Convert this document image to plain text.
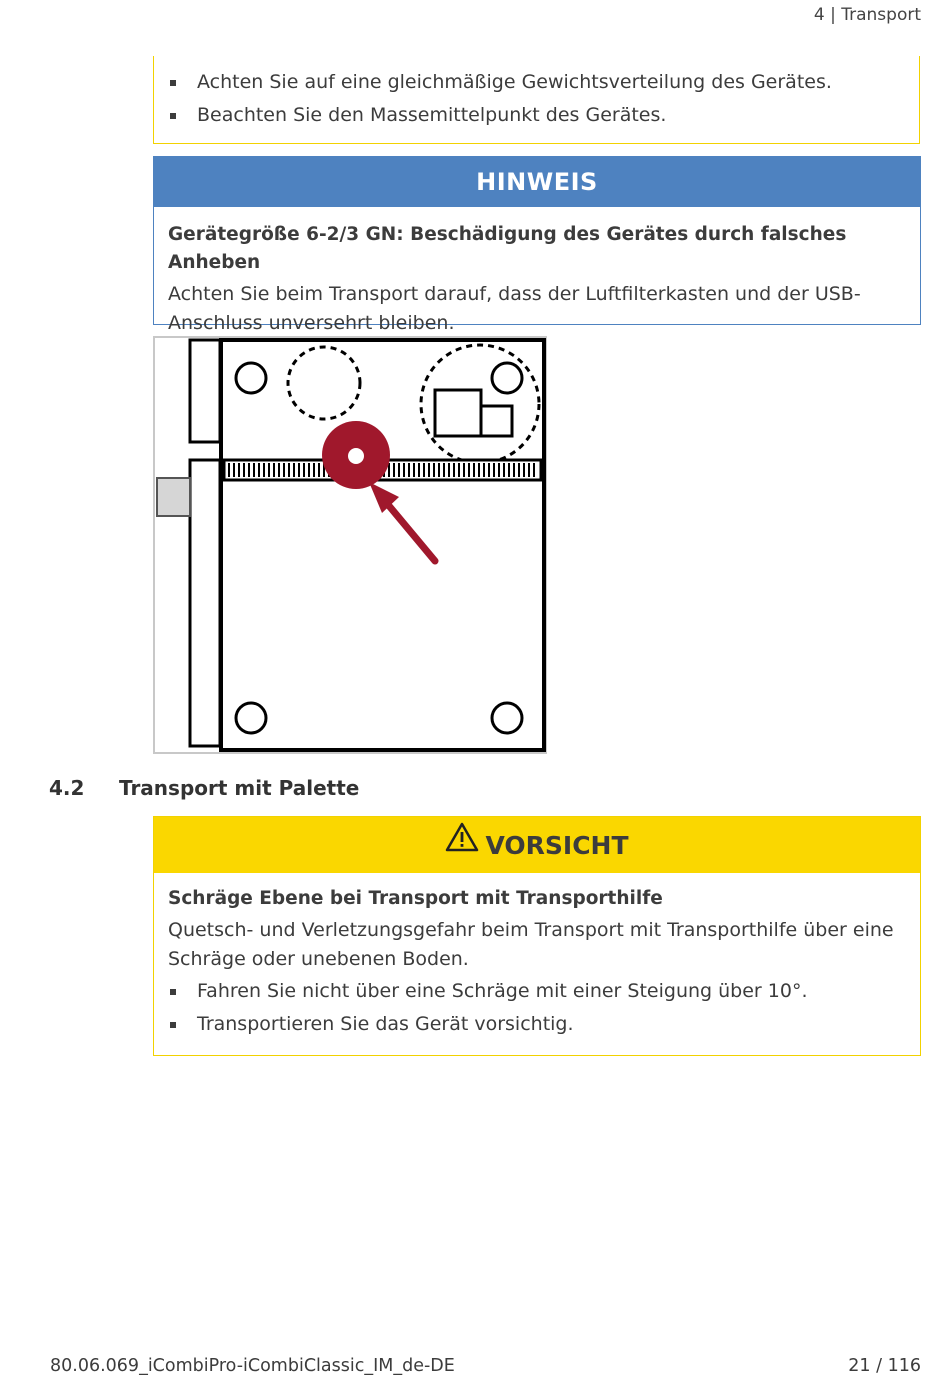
4 | Transport
Achten Sie auf eine gleichmäßige Gewichtsverteilung des Gerätes.
Beachten Sie den Massemittelpunkt des Gerätes.
HINWEIS
Gerätegröße 6-2/3 GN: Beschädigung des Gerätes durch falsches Anheben
Achten Sie beim Transport darauf, dass der Luftfilterkasten und der USB-Anschluss unversehrt bleiben.
4.2 Transport mit Palette
VORSICHT
Schräge Ebene bei Transport mit Transporthilfe
Quetsch- und Verletzungsgefahr beim Transport mit Transporthilfe über eine Schräge oder unebenen Boden.
Fahren Sie nicht über eine Schräge mit einer Steigung über 10°.
Transportieren Sie das Gerät vorsichtig.
80.06.069_iCombiPro-iCombiClassic_IM_de-DE	21 / 116
